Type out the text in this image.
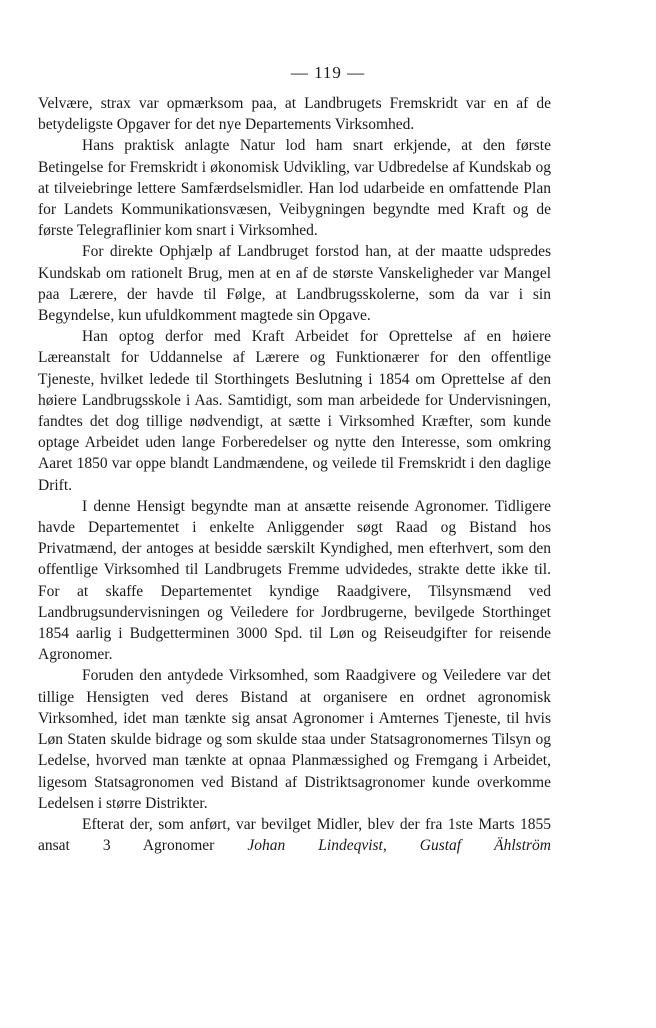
— 119 —

Velvære, strax var opmærksom paa, at Landbrugets Fremskridt var en af de betydeligste Opgaver for det nye Departements Virksomhed.

Hans praktisk anlagte Natur lod ham snart erkjende, at den første Betingelse for Fremskridt i økonomisk Udvikling, var Udbredelse af Kundskab og at tilveiebringe lettere Samfærdselsmidler. Han lod udarbeide en omfattende Plan for Landets Kommunikationsvæsen, Veibygningen begyndte med Kraft og de første Telegraflinier kom snart i Virksomhed.

For direkte Ophjælp af Landbruget forstod han, at der maatte udspredes Kundskab om rationelt Brug, men at en af de største Vanskeligheder var Mangel paa Lærere, der havde til Følge, at Landbrugsskolerne, som da var i sin Begyndelse, kun ufuldkomment magtede sin Opgave.

Han optog derfor med Kraft Arbeidet for Oprettelse af en høiere Læreanstalt for Uddannelse af Lærere og Funktionærer for den offentlige Tjeneste, hvilket ledede til Storthingets Beslutning i 1854 om Oprettelse af den høiere Landbrugsskole i Aas. Samtidigt, som man arbeidede for Undervisningen, fandtes det dog tillige nødvendigt, at sætte i Virksomhed Kræfter, som kunde optage Arbeidet uden lange Forberedelser og nytte den Interesse, som omkring Aaret 1850 var oppe blandt Landmændene, og veilede til Fremskridt i den daglige Drift.

I denne Hensigt begyndte man at ansætte reisende Agronomer. Tidligere havde Departementet i enkelte Anliggender søgt Raad og Bistand hos Privatmænd, der antoges at besidde særskilt Kyndighed, men efterhvert, som den offentlige Virksomhed til Landbrugets Fremme udvidedes, strakte dette ikke til. For at skaffe Departementet kyndige Raadgivere, Tilsynsmænd ved Landbrugsundervisningen og Veiledere for Jordbrugerne, bevilgede Storthinget 1854 aarlig i Budgetterminen 3000 Spd. til Løn og Reiseudgifter for reisende Agronomer.

Foruden den antydede Virksomhed, som Raadgivere og Veiledere var det tillige Hensigten ved deres Bistand at organisere en ordnet agronomisk Virksomhed, idet man tænkte sig ansat Agronomer i Amternes Tjeneste, til hvis Løn Staten skulde bidrage og som skulde staa under Statsagronomernes Tilsyn og Ledelse, hvorved man tænkte at opnaa Planmæssighed og Fremgang i Arbeidet, ligesom Statsagronomen ved Bistand af Distriktsagronomer kunde overkomme Ledelsen i større Distrikter.

Efterat der, som anført, var bevilget Midler, blev der fra 1ste Marts 1855 ansat 3 Agronomer Johan Lindeqvist, Gustaf Ählström
